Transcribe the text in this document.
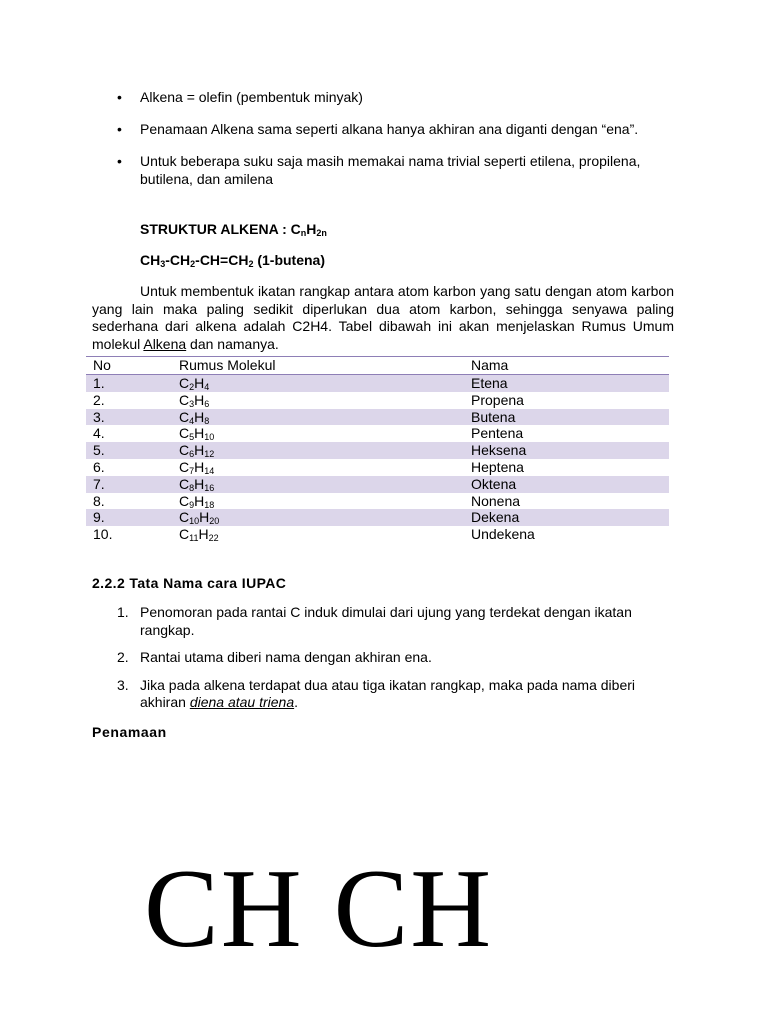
• Alkena = olefin (pembentuk minyak)
• Penamaan Alkena sama seperti alkana hanya akhiran ana diganti dengan “ena”.
• Untuk beberapa suku saja masih memakai nama trivial seperti etilena, propilena, butilena, dan amilena
STRUKTUR ALKENA : $C_nH_{2n}$
$CH_3-CH_2-CH=CH_2$ (1-butena)
Untuk membentuk ikatan rangkap antara atom karbon yang satu dengan atom karbon yang lain maka paling sedikit diperlukan dua atom karbon, sehingga senyawa paling sederhana dari alkena adalah C2H4. Tabel dibawah ini akan menjelaskan Rumus Umum molekul Alkena dan namanya.
No	Rumus Molekul	Nama
1.	$C_2H_4$	Etena
2.	$C_3H_6$	Propena
3.	$C_4H_8$	Butena
4.	$C_5H_{10}$	Pentena
5.	$C_6H_{12}$	Heksena
6.	$C_7H_{14}$	Heptena
7.	$C_8H_{16}$	Oktena
8.	$C_9H_{18}$	Nonena
9.	$C_{10}H_{20}$	Dekena
10.	$C_{11}H_{22}$	Undekena
2.2.2 Tata Nama cara IUPAC
1. Penomoran pada rantai C induk dimulai dari ujung yang terdekat dengan ikatan rangkap.
2. Rantai utama diberi nama dengan akhiran ena.
3. Jika pada alkena terdapat dua atau tiga ikatan rangkap, maka pada nama diberi akhiran diena atau triena.
Penamaan
CH CH
